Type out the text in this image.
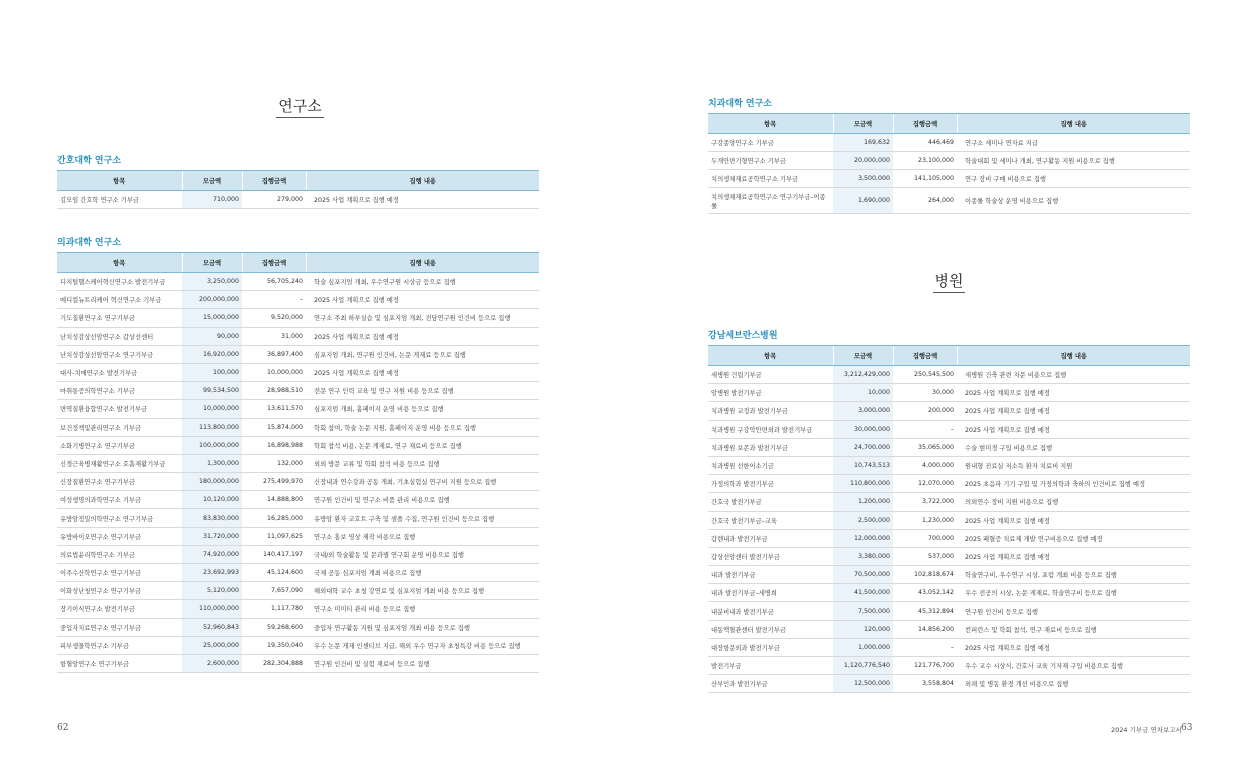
연구소
간호대학 연구소
항목	모금액	집행금액	집행 내용
김모임 간호학 연구소 기부금	710,000	279,000	2025 사업 계획으로 집행 예정
의과대학 연구소
항목	모금액	집행금액	집행 내용
디지털헬스케어혁신연구소 발전기부금	3,250,000	56,705,240	학술 심포지엄 개최, 우수연구원 시상금 등으로 집행
메디컬뉴트리케어 혁신연구소 기부금	200,000,000	–	2025 사업 계획으로 집행 예정
기도질환연구소 연구기부금	15,000,000	9,520,000	연구소 주최 하부실습 및 심포지엄 개최, 전담연구원 인건비 등으로 집행
난치성감상선암연구소 갑상선센터	90,000	31,000	2025 사업 계획으로 집행 예정
난치성감상선암연구소 연구기부금	16,920,000	36,897,400	심포지엄 개최, 연구원 인건비, 논문 게재료 등으로 집행
대사-치매연구소 발전기부금	100,000	10,000,000	2025 사업 계획으로 집행 예정
마취통증의학연구소 기부금	99,534,500	28,988,510	전문 연구 인력 교육 및 연구 지원 비용 등으로 집행
면역질환융합연구소 발전기부금	10,000,000	13,611,570	심포지엄 개최, 홈페이지 운영 비용 등으로 집행
보건정책및관리연구소 기부금	113,800,000	15,874,000	학회 참여, 학술 논문 지원, 홈페이지 운영 비용 등으로 집행
소화기병연구소 연구기부금	100,000,000	16,898,988	학회 참석 비용, 논문 게재료, 연구 재료비 등으로 집행
신경근육병재활연구소 호흡재활기부금	1,300,000	132,000	외외 방문 교류 및 학회 참석 비용 등으로 집행
신장질환연구소 연구기부금	180,000,000	275,499,970	신장내과 연수강좌 공동 개최, 기초실험실 연구비 지원 등으로 집행
여성생명의과학연구소 기부금	10,120,000	14,888,800	연구원 인건비 및 연구소 비품 관리 비용으로 집행
유방암정밀의학연구소 연구기부금	83,830,000	16,285,000	유방암 환자 코호트 구축 및 샘플 수집, 연구원 인건비 등으로 집행
유방바이오연구소 연구기부금	31,720,000	11,097,625	연구소 홍보 영상 제작 비용으로 집행
의료법윤리학연구소 기부금	74,920,000	140,417,197	국내/외 학술활동 및 문과별 연구회 운영 비용으로 집행
이주수산학연구소 연구기부금	23,692,993	45,124,600	국제 공동 심포지엄 개최 비용으로 집행
이화성난청연구소 연구기부금	5,120,000	7,657,090	해외대학 교수 초청 강연료 및 심포지엄 개최 비용 등으로 집행
장기이식연구소 발전기부금	110,000,000	1,117,780	연구소 미미티 관리 비용 등으로 집행
중입자치료연구소 연구기부금	52,960,843	59,268,600	중입자 연구활동 지원 및 심포지엄 개최 비용 등으로 집행
피부생물학연구소 기부금	25,000,000	19,350,040	우수 논문 게재 인센티브 지급, 해외 우수 연구자 초청특강 비용 등으로 집행
항혈암연구소 연구기부금	2,600,000	282,304,888	연구원 인건비 및 실험 재료비 등으로 집행
62
치과대학 연구소
항목	모금액	집행금액	집행 내용
구강종양연구소 기부금	169,632	446,469	연구소 세미나 연자료 지급
두개안면기형연구소 기부금	20,000,000	23,100,000	학술대회 및 세미나 개최, 연구활동 지원 비용으로 집행
치의생체재료공학연구소 기부금	3,500,000	141,105,000	연구 장비 구매 비용으로 집행
치의생체재료공학연구소 연구기부금–이종률	1,690,000	264,000	이종률 학술상 운영 비용으로 집행
병원
강남세브란스병원
항목	모금액	집행금액	집행 내용
새병원 건립기부금	3,212,429,000	250,545,500	새병원 건축 관련 자문 비용으로 집행
암병원 발전기부금	10,000	30,000	2025 사업 계획으로 집행 예정
치과병원 교정과 발전기부금	3,000,000	200,000	2025 사업 계획으로 집행 예정
치과병원 구강악안면외과 발전기부금	30,000,000	–	2025 사업 계획으로 집행 예정
치과병원 보존과 발전기부금	24,700,000	35,065,000	수술 현미경 구입 비용으로 집행
치과병원 선한이소기금	10,743,513	4,000,000	원내형 진료실 저소득 환자 치료비 지원
가정의학과 발전기부금	110,800,000	12,070,000	2025 초음파 기기 구입 및 가정의학과 축하의 인건비로 집행 예정
간호국 발전기부금	1,200,000	3,722,000	의외연수 장비 지원 비용으로 집행
간호국 발전기부금–교육	2,500,000	1,230,000	2025 사업 계획으로 집행 예정
갑렌내과 발전기부금	12,000,000	700,000	2025 패혈증 치료제 개발 연구비용으로 집행 예정
갑상선암센터 발전기부금	3,380,000	537,000	2025 사업 계획으로 집행 예정
내과 발전기부금	70,500,000	102,818,674	학술연구비, 우수연구 시상, 포럼 개최 비용 등으로 집행
내과 발전기부금–새병희	41,500,000	43,052,142	우수 전공의 시상, 논문 게재료, 학술연구비 등으로 집행
내분비내과 발전기부금	7,500,000	45,312,894	연구원 인건비 등으로 집행
대동맥혈관센터 발전기부금	120,000	14,856,200	컨퍼런스 및 학회 참석, 연구 재료비 등으로 집행
대장항문외과 발전기부금	1,000,000	–	2025 사업 계획으로 집행 예정
발전기부금	1,120,776,540	121,776,700	우수 교수 시상식, 간호사 교육 기자재 구입 비용으로 집행
산부인과 발전기부금	12,500,000	3,558,804	외래 및 병동 환경 개선 비용으로 집행
2024 기부금 연차보고서 63
